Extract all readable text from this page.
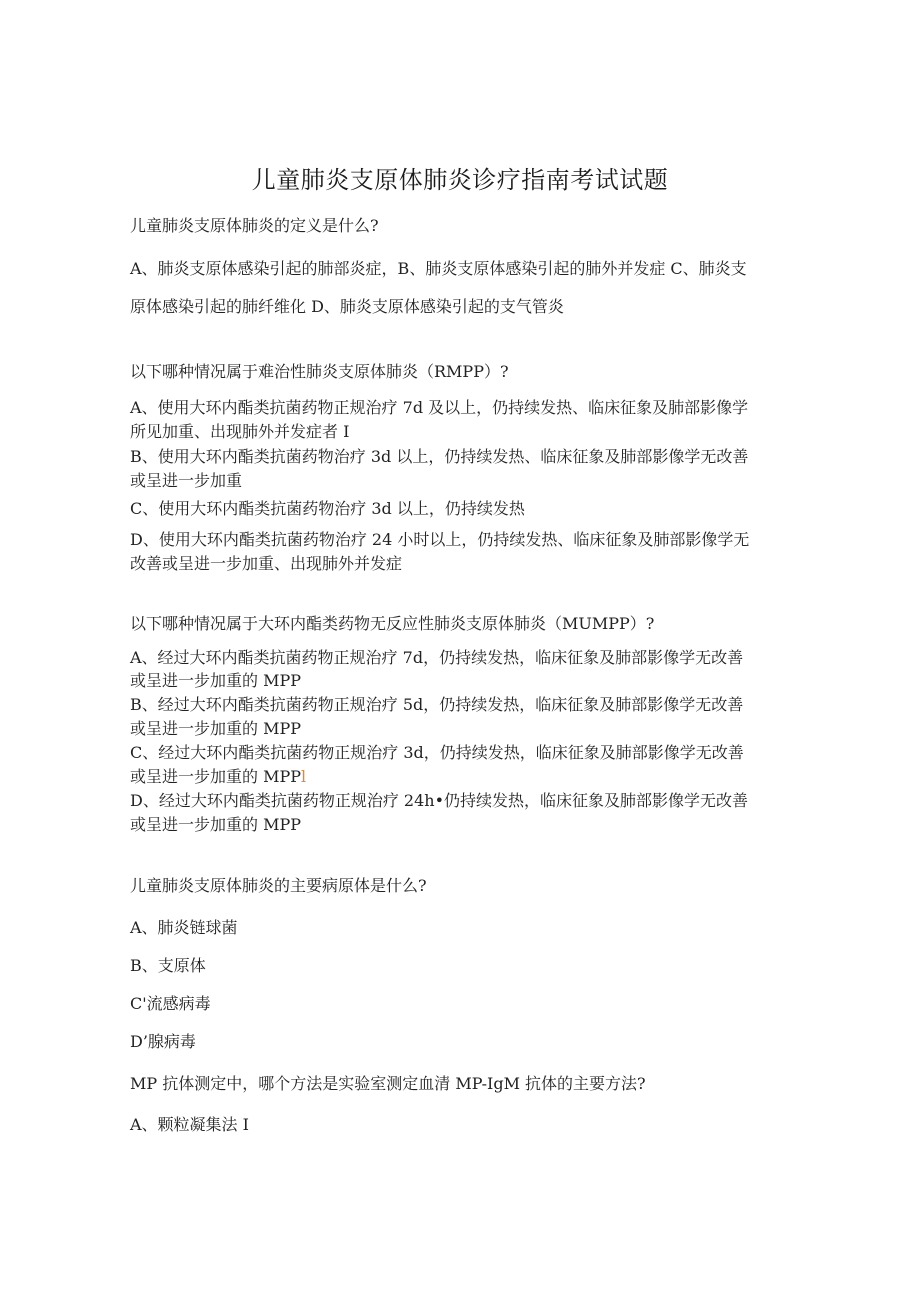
儿童肺炎支原体肺炎诊疗指南考试试题
儿童肺炎支原体肺炎的定义是什么?
A、肺炎支原体感染引起的肺部炎症，B、肺炎支原体感染引起的肺外并发症 C、肺炎支
原体感染引起的肺纤维化 D、肺炎支原体感染引起的支气管炎
以下哪种情况属于难治性肺炎支原体肺炎（RMPP）?
A、使用大环内酯类抗菌药物正规治疗 7d 及以上，仍持续发热、临床征象及肺部影像学
所见加重、出现肺外并发症者 I
B、使用大环内酯类抗菌药物治疗 3d 以上，仍持续发热、临床征象及肺部影像学无改善
或呈进一步加重
C、使用大环内酯类抗菌药物治疗 3d 以上，仍持续发热
D、使用大环内酯类抗菌药物治疗 24 小时以上，仍持续发热、临床征象及肺部影像学无
改善或呈进一步加重、出现肺外并发症
以下哪种情况属于大环内酯类药物无反应性肺炎支原体肺炎（MUMPP）?
A、经过大环内酯类抗菌药物正规治疗 7d，仍持续发热，临床征象及肺部影像学无改善
或呈进一步加重的 MPP
B、经过大环内酯类抗菌药物正规治疗 5d，仍持续发热，临床征象及肺部影像学无改善
或呈进一步加重的 MPP
C、经过大环内酯类抗菌药物正规治疗 3d，仍持续发热，临床征象及肺部影像学无改善
或呈进一步加重的 MPPl
D、经过大环内酯类抗菌药物正规治疗 24h•仍持续发热，临床征象及肺部影像学无改善
或呈进一步加重的 MPP
儿童肺炎支原体肺炎的主要病原体是什么?
A、肺炎链球菌
B、支原体
C'流感病毒
D’腺病毒
MP 抗体测定中，哪个方法是实验室测定血清 MP-IgM 抗体的主要方法?
A、颗粒凝集法 I
